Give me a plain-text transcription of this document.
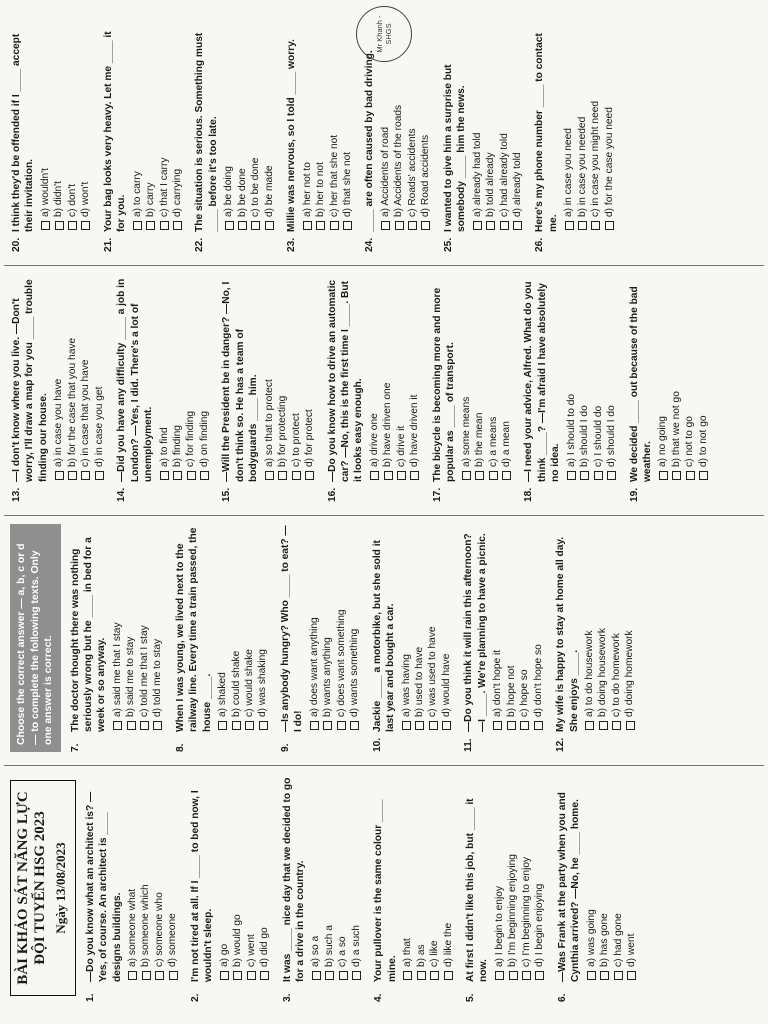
BÀI KHẢO SÁT NĂNG LỰC ĐỘI TUYỂN HSG 2023 Ngày 13/08/2023
1.
—Do you know what an architect is? —Yes, of course. An architect is ____ designs buildings. a) someone what b) someone which c) someone who d) someone
2.
I'm not tired at all. If I ____ to bed now, I wouldn't sleep. a) go b) would go c) went d) did go
3.
It was ____ nice day that we decided to go for a drive in the country. a) so a b) such a c) a so d) a such
4.
Your pullover is the same colour ____ mine.
a) that b) as c) like d) like the
5.
At first I didn't like this job, but ____ it now.
a) I begin to enjoy b) I'm beginning enjoying c) I'm beginning to enjoy d) I begin enjoying
6.
—Was Frank at the party when you and Cynthia arrived? —No, he ____ home. a) was going b) has gone c) had gone d) went
Choose the correct answer — a, b, c or d — to complete the following texts. Only one answer is correct.
7.
The doctor thought there was nothing seriously wrong but he ____ in bed for a week or so anyway. a) said me that I stay b) said me to stay c) told me that I stay d) told me to stay
8.
When I was young, we lived next to the railway line. Every time a train passed, the house ____. a) shaked b) could shake c) would shake d) was shaking
9.
—Is anybody hungry? Who ____ to eat? —I do!
a) does want anything b) wants anything c) does want something d) wants something
10.
Jackie ____ a motorbike, but she sold it last year and bought a car. a) was having b) used to have c) was used to have d) would have
11.
—Do you think it will rain this afternoon? —I ____. We're planning to have a picnic. a) don't hope it b) hope not c) hope so d) don't hope so
12.
My wife is happy to stay at home all day. She enjoys ____. a) to do housework b) doing housework c) to do homework d) doing homework
13.
—I don't know where you live. —Don't worry, I'll draw a map for you ____ trouble finding our house. a) in case you have b) for the case that you have c) in case that you have d) in case you get
14.
—Did you have any difficulty ____ a job in London? —Yes, I did. There's a lot of unemployment. a) to find b) finding c) for finding d) on finding
15.
—Will the President be in danger? —No, I don't think so. He has a team of bodyguards ____ him. a) so that to protect b) for protecting c) to protect d) for protect
16.
—Do you know how to drive an automatic car? —No, this is the first time I ____. But it looks easy enough. a) drive one b) have driven one c) drive it d) have driven it
17.
The bicycle is becoming more and more popular as ____ of transport. a) some means b) the mean c) a means d) a mean
18.
—I need your advice, Alfred. What do you think ____? —I'm afraid I have absolutely no idea. a) I should to do b) should I do c) I should do d) should I do
19.
We decided ____ out because of the bad weather. a) no going b) that we not go c) not to go d) to not go
20.
I think they'd be offended if I ____ accept their invitation. a) wouldn't b) didn't c) don't d) won't
21.
Your bag looks very heavy. Let me ____ it for you. a) to carry b) carry c) that I carry d) carrying
22.
The situation is serious. Something must ____ before it's too late. a) be doing b) be done c) to be done d) be made
23.
Millie was nervous, so I told ____ worry. a) her not to b) her to not c) her that she not d) that she not
24.
____ are often caused by bad driving. a) Accidents of road b) Accidents of the roads c) Roads' accidents d) Road accidents
25.
I wanted to give him a surprise but somebody ____ him the news. a) already had told b) told already c) had already told d) already told
26.
Here's my phone number ____ to contact me.
a) in case you need b) in case you needed c) in case you might need d) for the case you need
Mr Khanh - SHGS
